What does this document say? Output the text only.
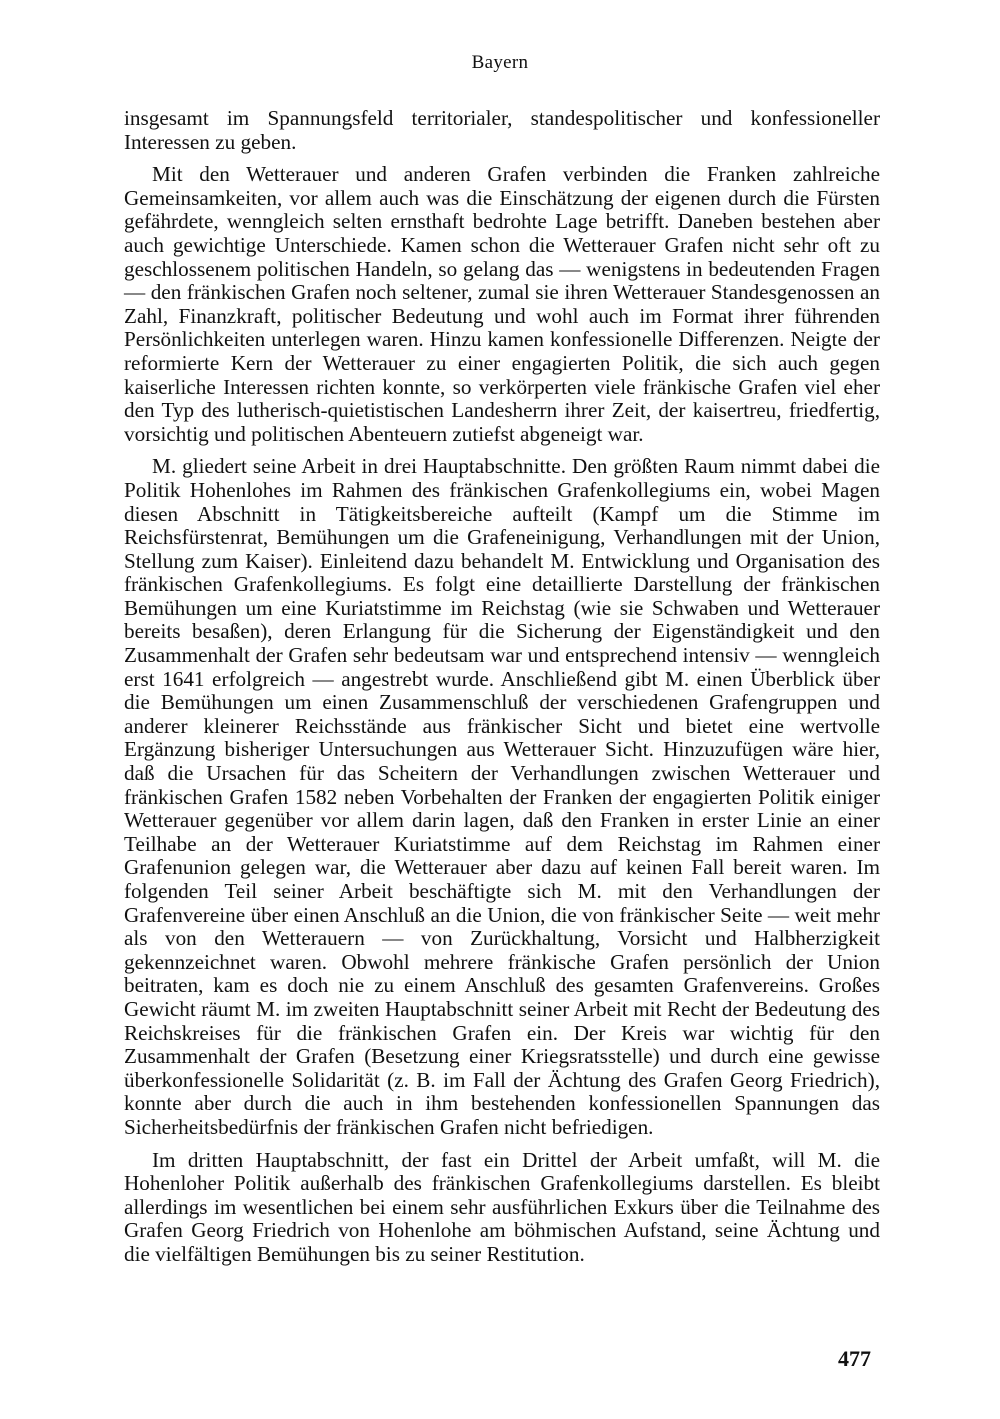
Bayern

insgesamt im Spannungsfeld territorialer, standespolitischer und konfessioneller Interessen zu geben.

Mit den Wetterauer und anderen Grafen verbinden die Franken zahlreiche Gemeinsamkeiten, vor allem auch was die Einschätzung der eigenen durch die Fürsten gefährdete, wenngleich selten ernsthaft bedrohte Lage betrifft. Daneben bestehen aber auch gewichtige Unterschiede. Kamen schon die Wetterauer Grafen nicht sehr oft zu geschlossenem politischen Handeln, so gelang das — wenigstens in bedeutenden Fragen — den fränkischen Grafen noch seltener, zumal sie ihren Wetterauer Standesgenossen an Zahl, Finanzkraft, politischer Bedeutung und wohl auch im Format ihrer führenden Persönlichkeiten unterlegen waren. Hinzu kamen konfessionelle Differenzen. Neigte der reformierte Kern der Wetterauer zu einer engagierten Politik, die sich auch gegen kaiserliche Interessen richten konnte, so verkörperten viele fränkische Grafen viel eher den Typ des lutherisch-quietistischen Landesherrn ihrer Zeit, der kaisertreu, friedfertig, vorsichtig und politischen Abenteuern zutiefst abgeneigt war.

M. gliedert seine Arbeit in drei Hauptabschnitte. Den größten Raum nimmt dabei die Politik Hohenlohes im Rahmen des fränkischen Grafenkollegiums ein, wobei Magen diesen Abschnitt in Tätigkeitsbereiche aufteilt (Kampf um die Stimme im Reichsfürstenrat, Bemühungen um die Grafeneinigung, Verhandlungen mit der Union, Stellung zum Kaiser). Einleitend dazu behandelt M. Entwicklung und Organisation des fränkischen Grafenkollegiums. Es folgt eine detaillierte Darstellung der fränkischen Bemühungen um eine Kuriatstimme im Reichstag (wie sie Schwaben und Wetterauer bereits besaßen), deren Erlangung für die Sicherung der Eigenständigkeit und den Zusammenhalt der Grafen sehr bedeutsam war und entsprechend intensiv — wenngleich erst 1641 erfolgreich — angestrebt wurde. Anschließend gibt M. einen Überblick über die Bemühungen um einen Zusammenschluß der verschiedenen Grafengruppen und anderer kleinerer Reichsstände aus fränkischer Sicht und bietet eine wertvolle Ergänzung bisheriger Untersuchungen aus Wetterauer Sicht. Hinzuzufügen wäre hier, daß die Ursachen für das Scheitern der Verhandlungen zwischen Wetterauer und fränkischen Grafen 1582 neben Vorbehalten der Franken der engagierten Politik einiger Wetterauer gegenüber vor allem darin lagen, daß den Franken in erster Linie an einer Teilhabe an der Wetterauer Kuriatstimme auf dem Reichstag im Rahmen einer Grafenunion gelegen war, die Wetterauer aber dazu auf keinen Fall bereit waren. Im folgenden Teil seiner Arbeit beschäftigte sich M. mit den Verhandlungen der Grafenvereine über einen Anschluß an die Union, die von fränkischer Seite — weit mehr als von den Wetterauern — von Zurückhaltung, Vorsicht und Halbherzigkeit gekennzeichnet waren. Obwohl mehrere fränkische Grafen persönlich der Union beitraten, kam es doch nie zu einem Anschluß des gesamten Grafenvereins. Großes Gewicht räumt M. im zweiten Hauptabschnitt seiner Arbeit mit Recht der Bedeutung des Reichskreises für die fränkischen Grafen ein. Der Kreis war wichtig für den Zusammenhalt der Grafen (Besetzung einer Kriegsratsstelle) und durch eine gewisse überkonfessionelle Solidarität (z. B. im Fall der Ächtung des Grafen Georg Friedrich), konnte aber durch die auch in ihm bestehenden konfessionellen Spannungen das Sicherheitsbedürfnis der fränkischen Grafen nicht befriedigen.

Im dritten Hauptabschnitt, der fast ein Drittel der Arbeit umfaßt, will M. die Hohenloher Politik außerhalb des fränkischen Grafenkollegiums darstellen. Es bleibt allerdings im wesentlichen bei einem sehr ausführlichen Exkurs über die Teilnahme des Grafen Georg Friedrich von Hohenlohe am böhmischen Aufstand, seine Ächtung und die vielfältigen Bemühungen bis zu seiner Restitution.

477
